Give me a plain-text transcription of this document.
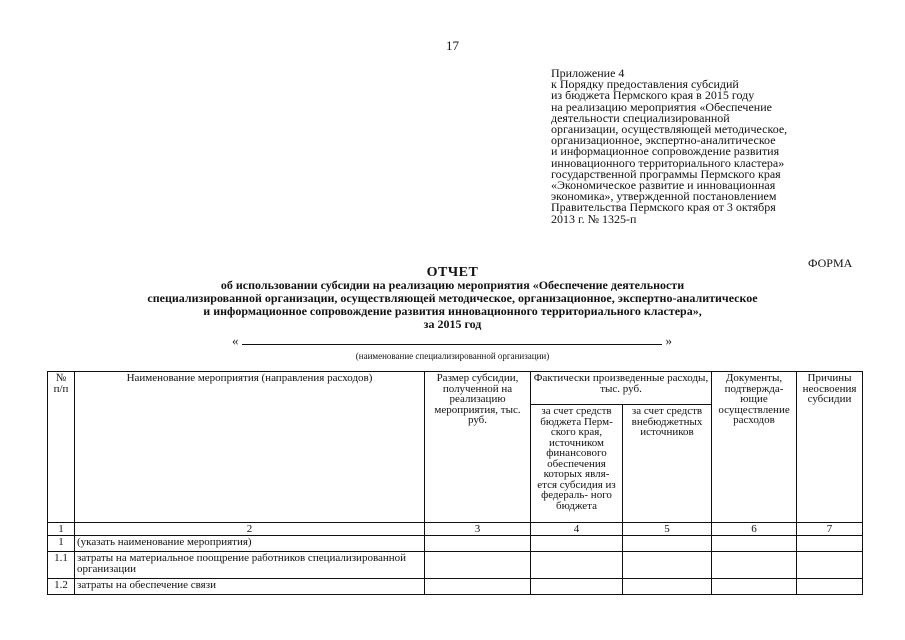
17
Приложение 4
к Порядку предоставления субсидий
из бюджета Пермского края в 2015 году
на реализацию мероприятия «Обеспечение
деятельности специализированной
организации, осуществляющей методическое,
организационное, экспертно-аналитическое
и информационное сопровождение развития
инновационного территориального кластера»
государственной программы Пермского края
«Экономическое развитие и инновационная
экономика», утвержденной постановлением
Правительства Пермского края от 3 октября
2013 г. № 1325-п
ФОРМА
ОТЧЕТ
об использовании субсидии на реализацию мероприятия «Обеспечение деятельности
специализированной организации, осуществляющей методическое, организационное, экспертно-аналитическое
и информационное сопровождение развития инновационного территориального кластера»,
за 2015 год
«	»
(наименование специализированной организации)
№ п/п	Наименование мероприятия (направления расходов)	Размер субсидии, полученной на реализацию мероприятия, тыс. руб.	Фактически произведенные расходы, тыс. руб.		Документы, подтвержда- ющие осуществление расходов	Причины неосвоения субсидии
			за счет средств бюджета Перм- ского края, источником финансового обеспечения которых явля- ется субсидия из федераль- ного бюджета	за счет средств внебюджетных источников		
1	2	3	4	5	6	7
1	(указать наименование мероприятия)					
1.1	затраты на материальное поощрение работников специализированной организации					
1.2	затраты на обеспечение связи					
